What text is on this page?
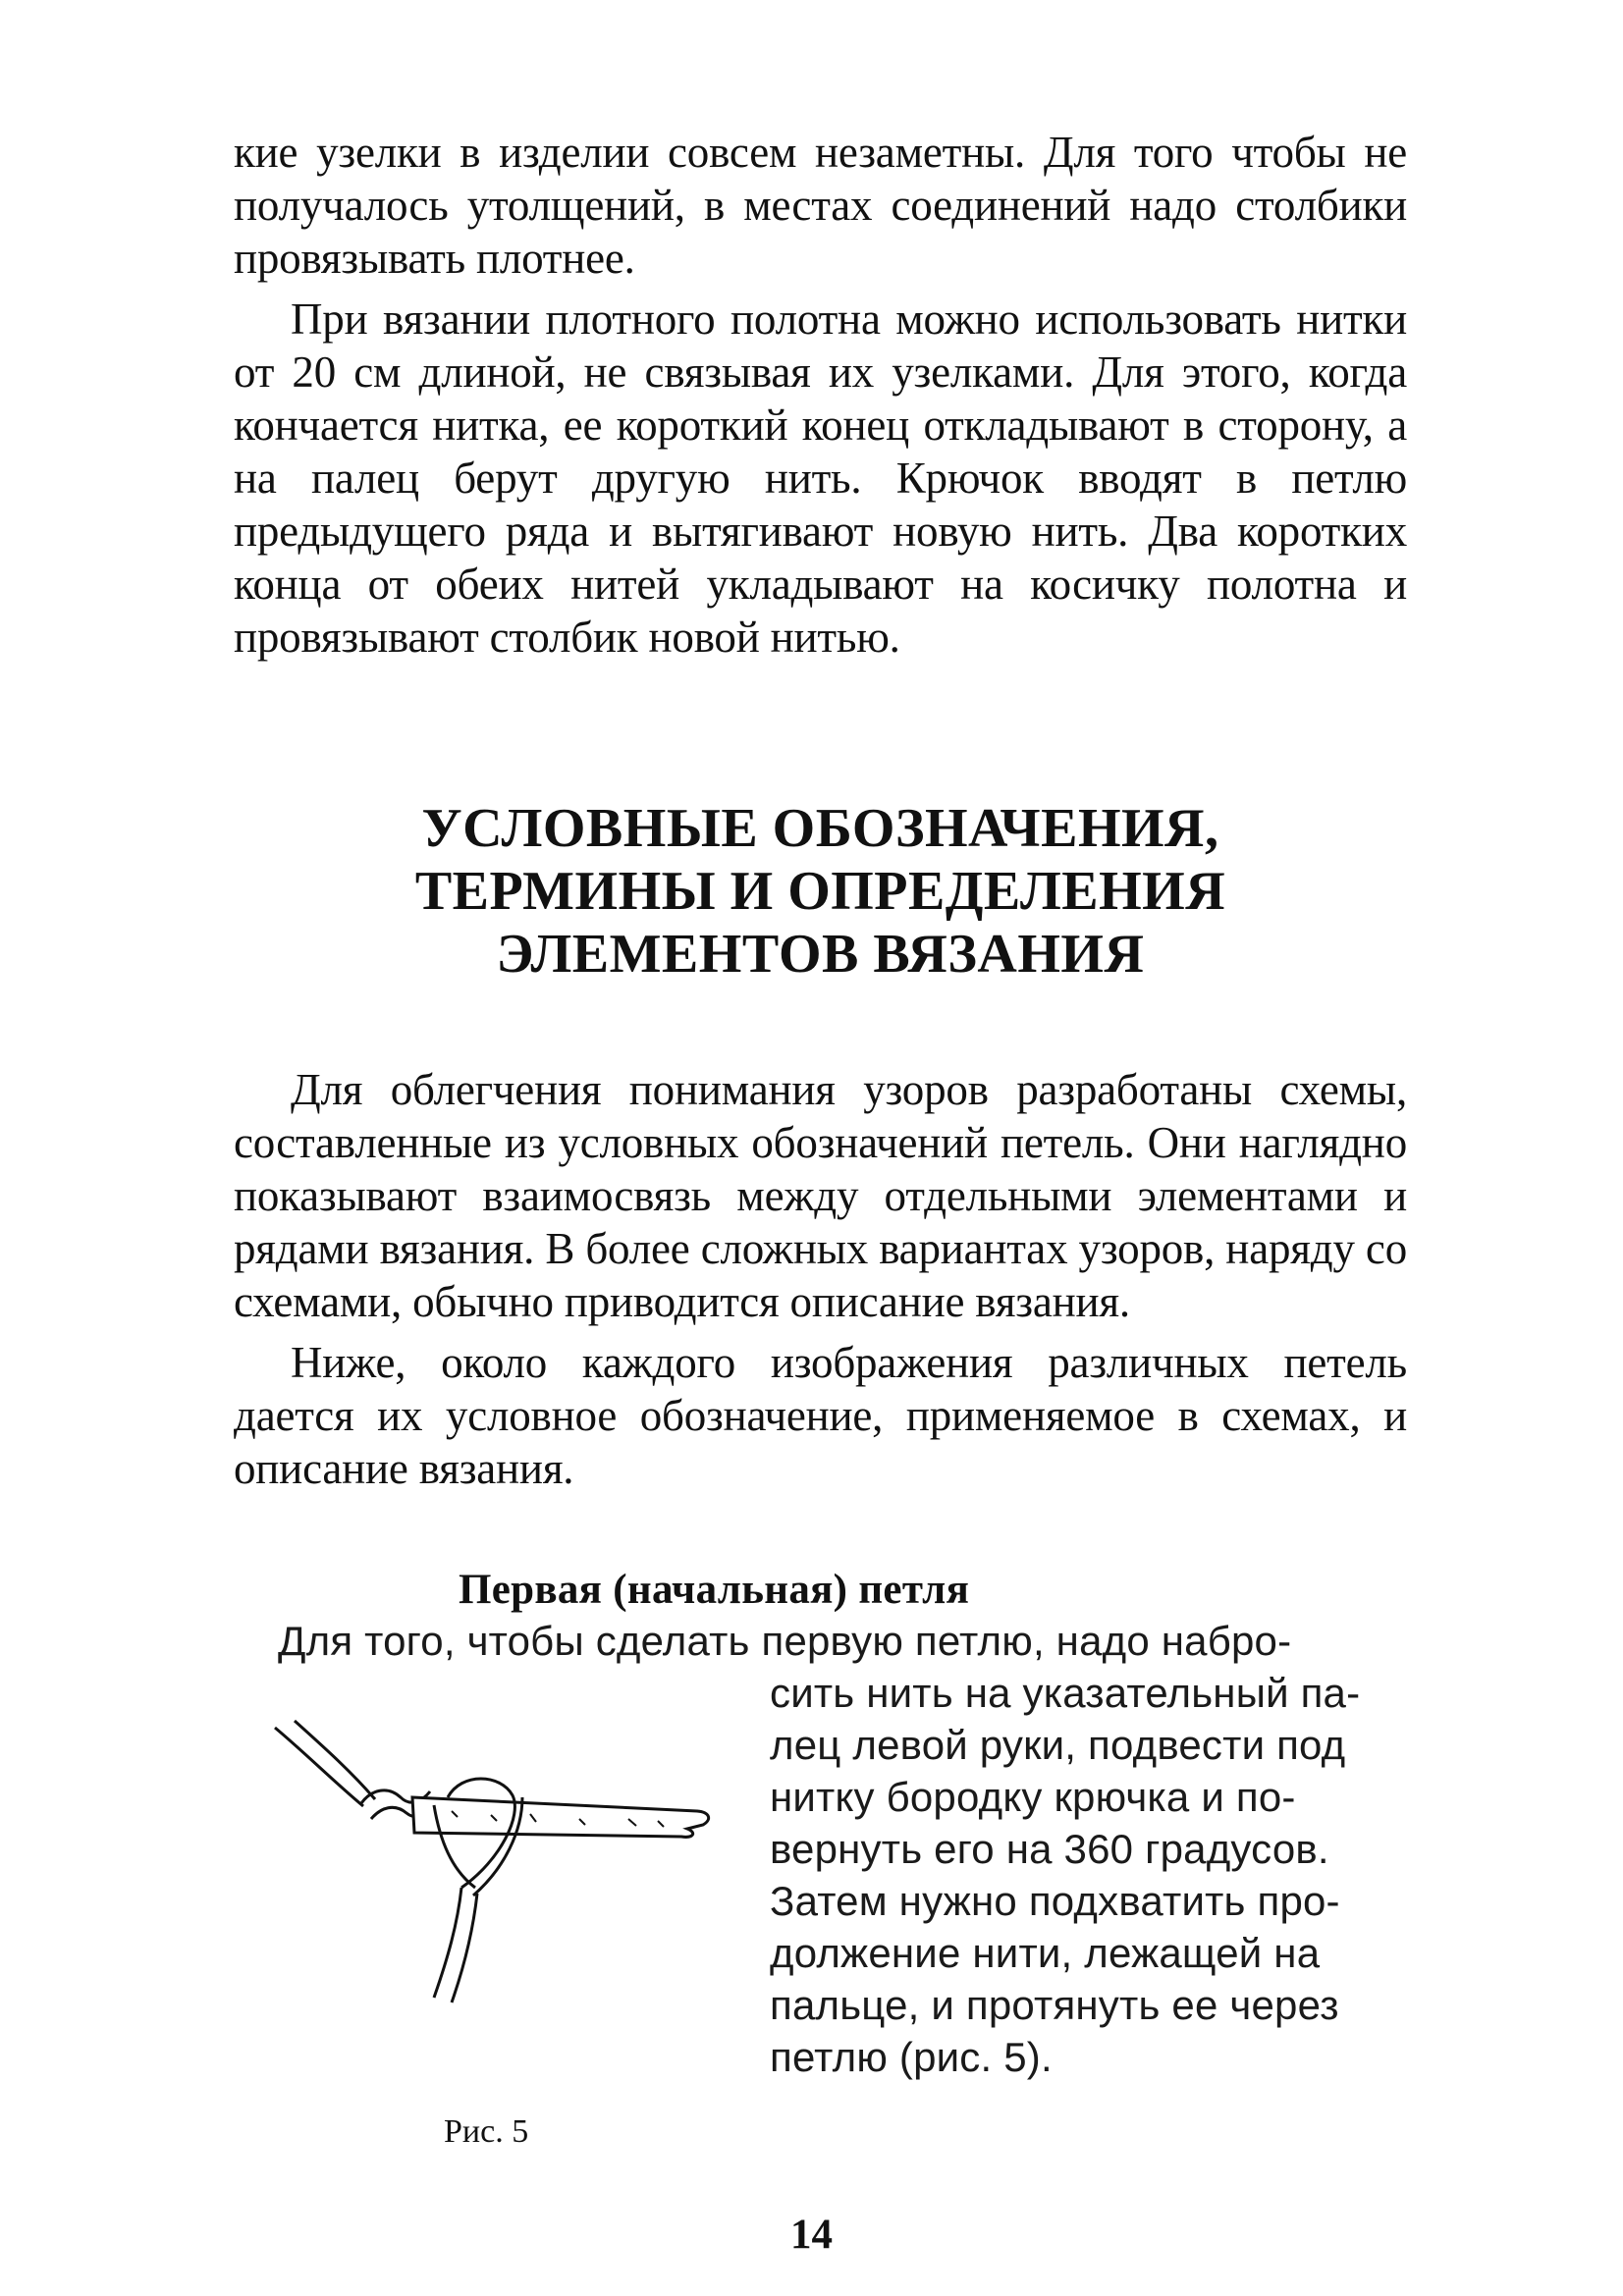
кие узелки в изделии совсем незаметны. Для того чтобы не получалось утолщений, в местах соединений надо столбики провязывать плотнее.

При вязании плотного полотна можно использовать нитки от 20 см длиной, не связывая их узелками. Для этого, когда кончается нитка, ее короткий конец откладывают в сторону, а на палец берут другую нить. Крючок вводят в петлю предыдущего ряда и вытягивают новую нить. Два коротких конца от обеих нитей укладывают на косичку полотна и провязывают столбик новой нитью.

УСЛОВНЫЕ ОБОЗНАЧЕНИЯ,
ТЕРМИНЫ И ОПРЕДЕЛЕНИЯ
ЭЛЕМЕНТОВ ВЯЗАНИЯ

Для облегчения понимания узоров разработаны схемы, составленные из условных обозначений петель. Они наглядно показывают взаимосвязь между отдельными элементами и рядами вязания. В более сложных вариантах узоров, наряду со схемами, обычно приводится описание вязания.

Ниже, около каждого изображения различных петель дается их условное обозначение, применяемое в схемах, и описание вязания.

Первая (начальная) петля

Для того, чтобы сделать первую петлю, надо набро-

сить нить на указательный па-

лец левой руки, подвести под

нитку бородку крючка и по-

вернуть его на 360 градусов.

Затем нужно подхватить про-

должение нити, лежащей на

пальце, и протянуть ее через

петлю (рис. 5).

Рис. 5

14
